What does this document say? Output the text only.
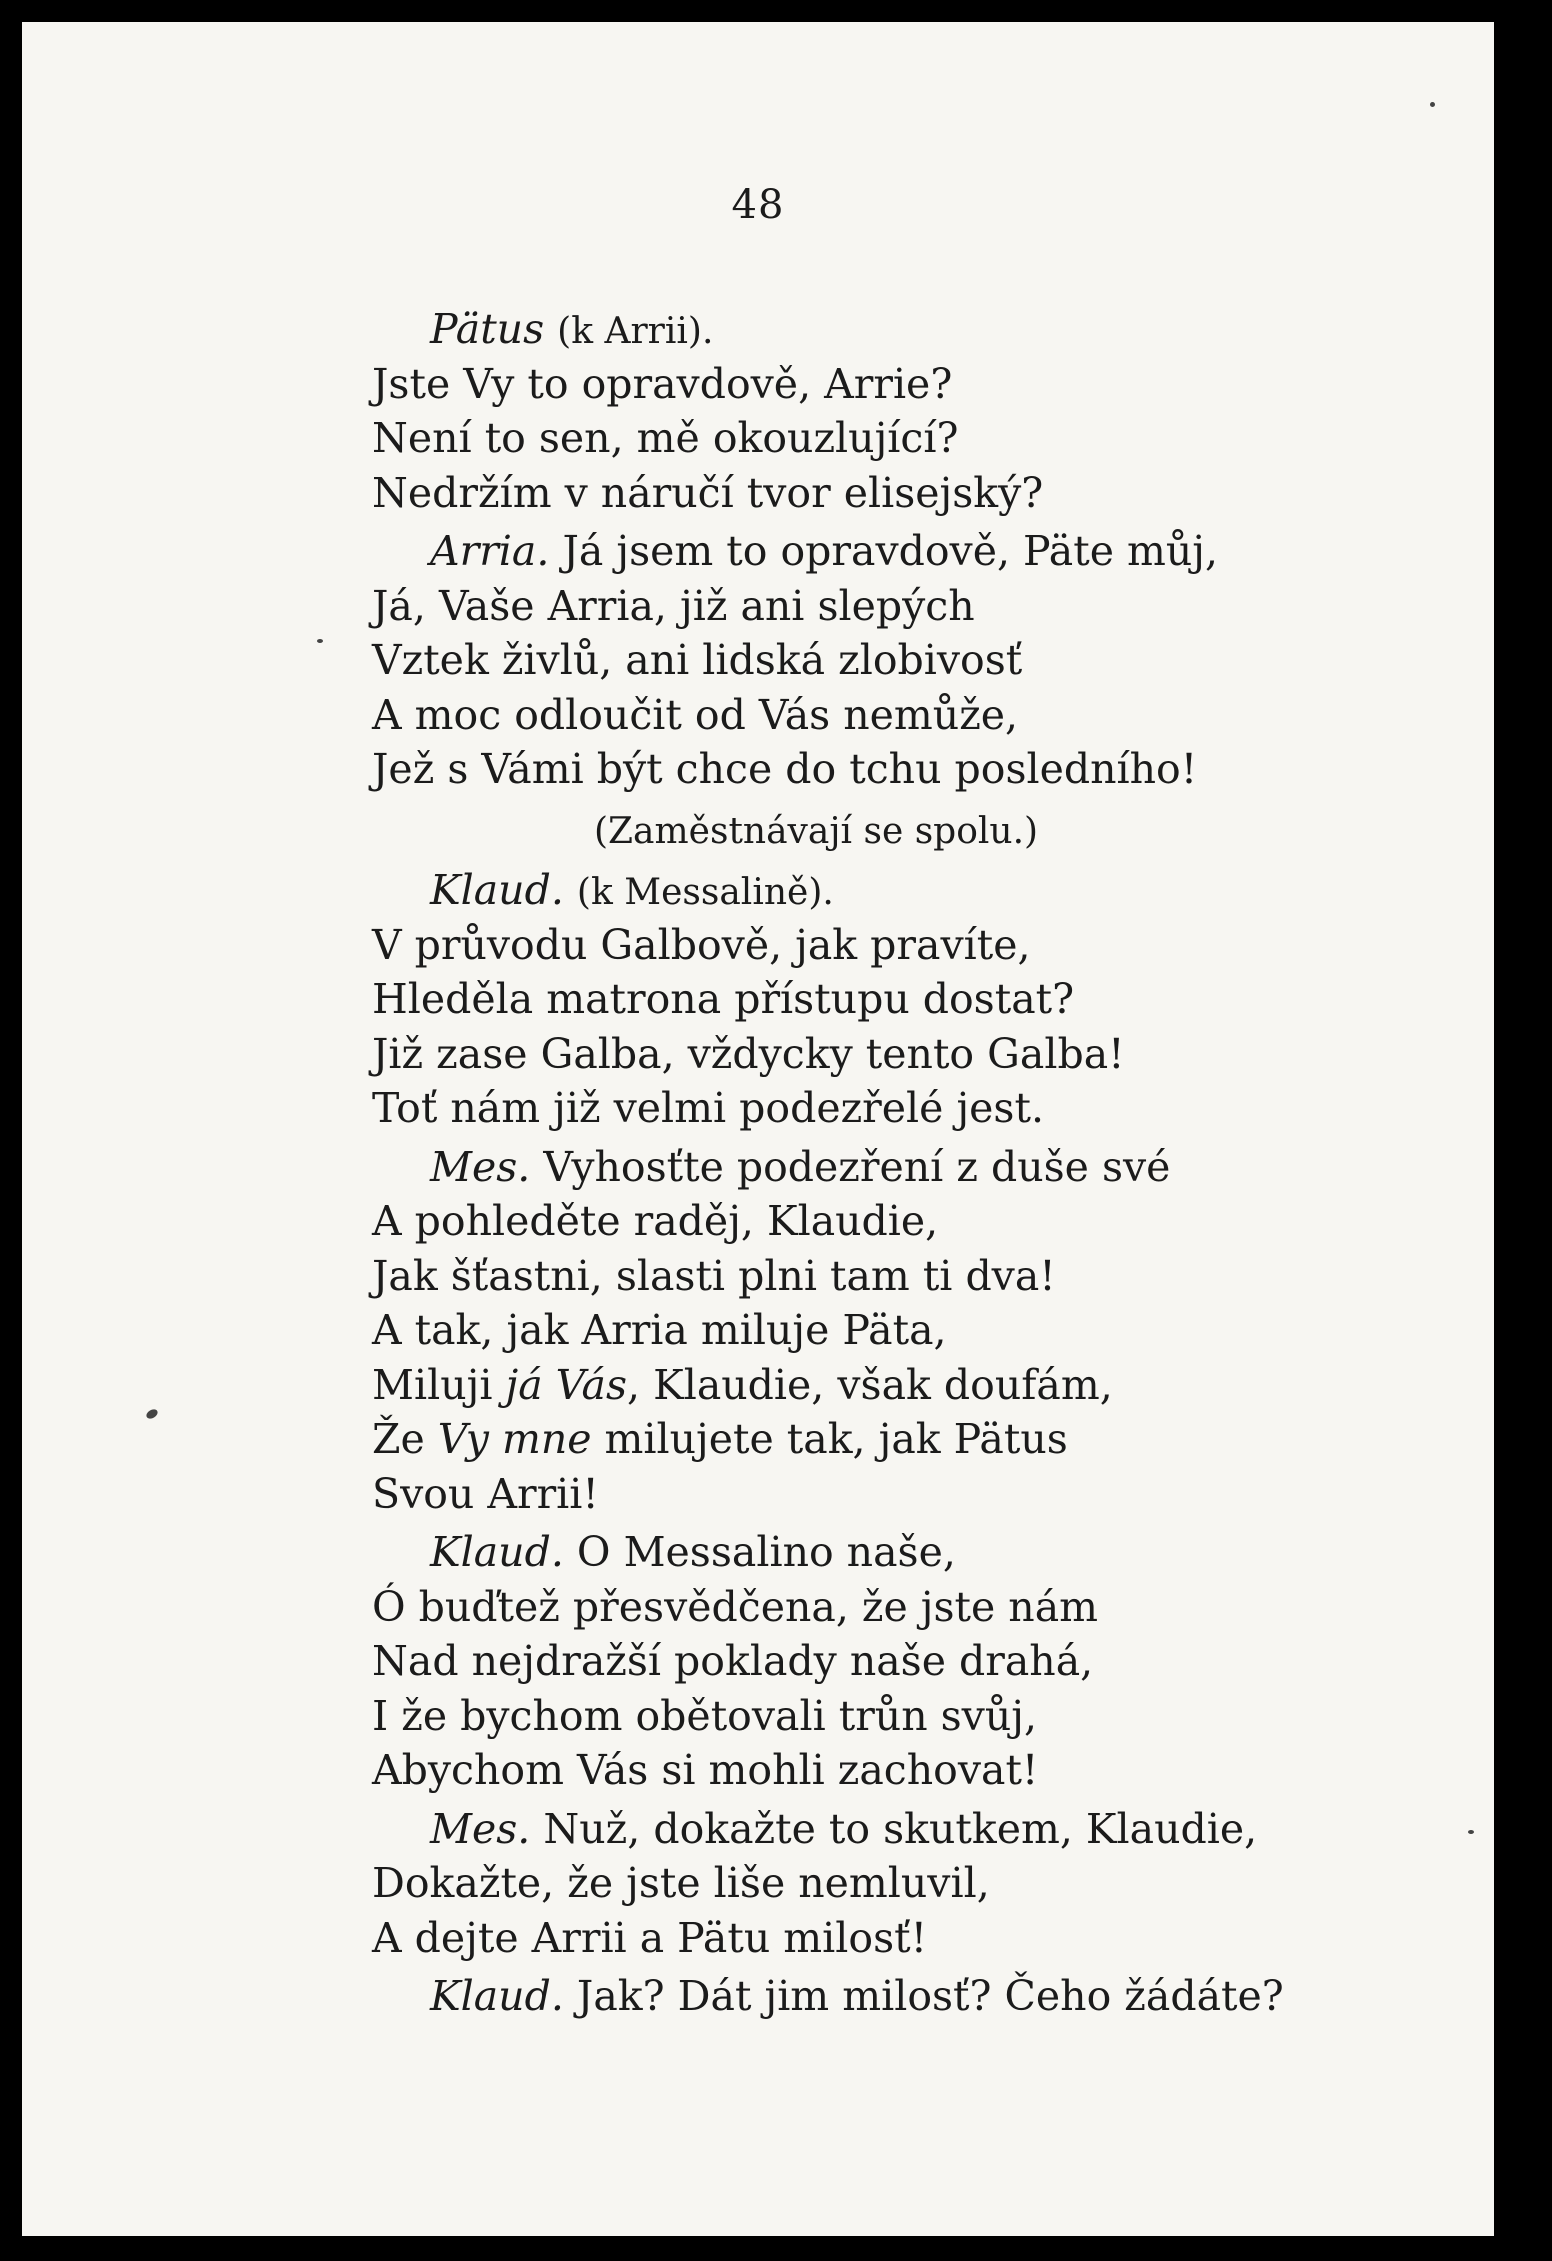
48
Pätus (k Arrii).
Jste Vy to opravdově, Arrie?
Není to sen, mě okouzlující?
Nedržím v náručí tvor elisejský?
Arria. Já jsem to opravdově, Päte můj,
Já, Vaše Arria, již ani slepých
Vztek živlů, ani lidská zlobivosť
A moc odloučit od Vás nemůže,
Jež s Vámi být chce do tchu posledního!
(Zaměstnávají se spolu.)
Klaud. (k Messalině).
V průvodu Galbově, jak pravíte,
Hleděla matrona přístupu dostat?
Již zase Galba, vždycky tento Galba!
Toť nám již velmi podezřelé jest.
Mes. Vyhosťte podezření z duše své
A pohleděte raděj, Klaudie,
Jak šťastni, slasti plni tam ti dva!
A tak, jak Arria miluje Päta,
Miluji já Vás, Klaudie, však doufám,
Že Vy mne milujete tak, jak Pätus
Svou Arrii!
Klaud. O Messalino naše,
Ó buďtež přesvědčena, že jste nám
Nad nejdražší poklady naše drahá,
I že bychom obětovali trůn svůj,
Abychom Vás si mohli zachovat!
Mes. Nuž, dokažte to skutkem, Klaudie,
Dokažte, že jste liše nemluvil,
A dejte Arrii a Pätu milosť!
Klaud. Jak? Dát jim milosť? Čeho žádáte?
